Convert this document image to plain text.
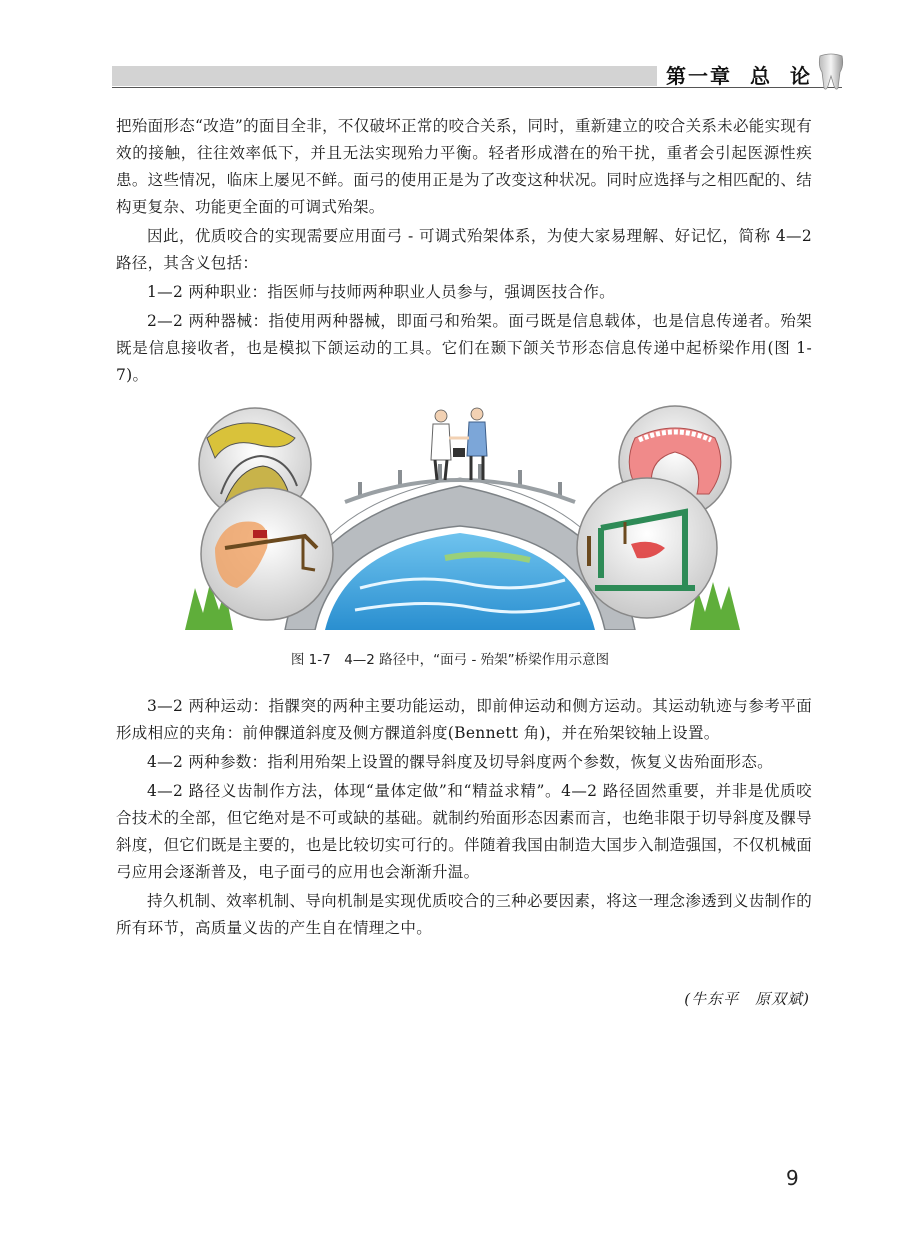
第一章 总 论

把殆面形态“改造”的面目全非，不仅破坏正常的咬合关系，同时，重新建立的咬合关系未必能实现有效的接触，往往效率低下，并且无法实现殆力平衡。轻者形成潜在的殆干扰，重者会引起医源性疾患。这些情况，临床上屡见不鲜。面弓的使用正是为了改变这种状况。同时应选择与之相匹配的、结构更复杂、功能更全面的可调式殆架。

因此，优质咬合的实现需要应用面弓 - 可调式殆架体系，为使大家易理解、好记忆，简称 4—2 路径，其含义包括：

1—2 两种职业：指医师与技师两种职业人员参与，强调医技合作。

2—2 两种器械：指使用两种器械，即面弓和殆架。面弓既是信息载体，也是信息传递者。殆架既是信息接收者，也是模拟下颌运动的工具。它们在颞下颌关节形态信息传递中起桥梁作用(图 1-7)。

图 1-7　4—2 路径中，“面弓 - 殆架”桥梁作用示意图

3—2 两种运动：指髁突的两种主要功能运动，即前伸运动和侧方运动。其运动轨迹与参考平面形成相应的夹角：前伸髁道斜度及侧方髁道斜度(Bennett 角)，并在殆架铰轴上设置。

4—2 两种参数：指利用殆架上设置的髁导斜度及切导斜度两个参数，恢复义齿殆面形态。

4—2 路径义齿制作方法，体现“量体定做”和“精益求精”。4—2 路径固然重要，并非是优质咬合技术的全部，但它绝对是不可或缺的基础。就制约殆面形态因素而言，也绝非限于切导斜度及髁导斜度，但它们既是主要的，也是比较切实可行的。伴随着我国由制造大国步入制造强国，不仅机械面弓应用会逐渐普及，电子面弓的应用也会渐渐升温。

持久机制、效率机制、导向机制是实现优质咬合的三种必要因素，将这一理念渗透到义齿制作的所有环节，高质量义齿的产生自在情理之中。

(牛东平　原双斌)
9
